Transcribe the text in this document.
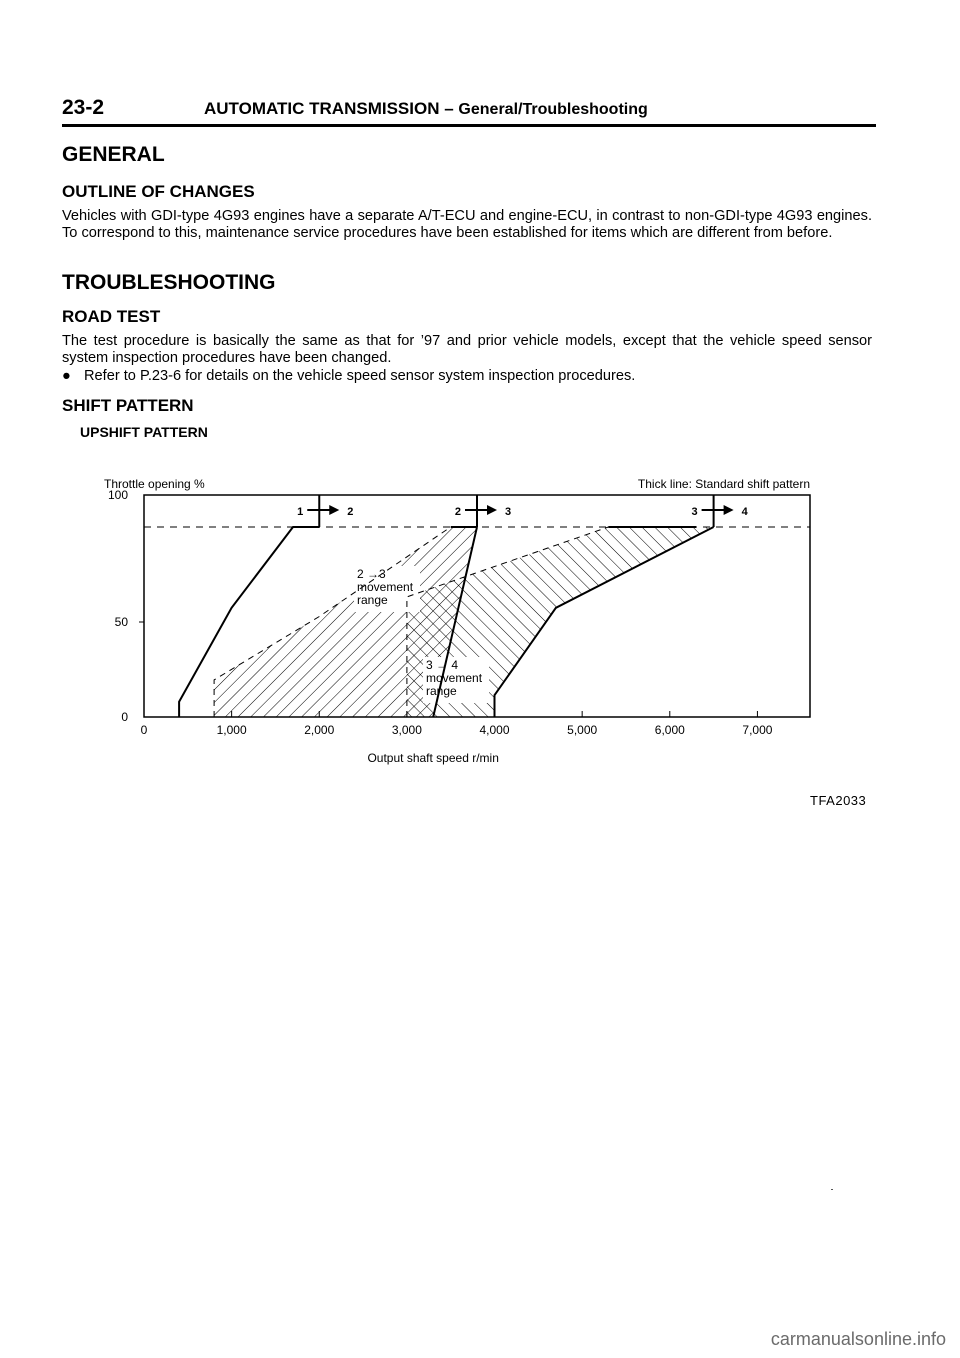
23-2	AUTOMATIC TRANSMISSION – General/Troubleshooting
GENERAL
OUTLINE OF CHANGES

Vehicles with GDI-type 4G93 engines have a separate A/T-ECU and engine-ECU, in contrast to non-GDI-type 4G93 engines. To correspond to this, maintenance service procedures have been established for items which are different from before.

TROUBLESHOOTING
ROAD TEST

The test procedure is basically the same as that for ’97 and prior vehicle models, except that the vehicle speed sensor system inspection procedures have been changed.

● Refer to P.23-6 for details on the vehicle speed sensor system inspection procedures.

SHIFT PATTERN
UPSHIFT PATTERN
0	1,000	2,000	3,000	4,000	5,000	6,000	7,000
0
50
100
Throttle opening %	Thick line: Standard shift pattern
Output shaft speed r/min
1	2	2	3	3	4
2 →3
movement
range
3 → 4
movement
range
TFA2033
carmanualsonline.info
